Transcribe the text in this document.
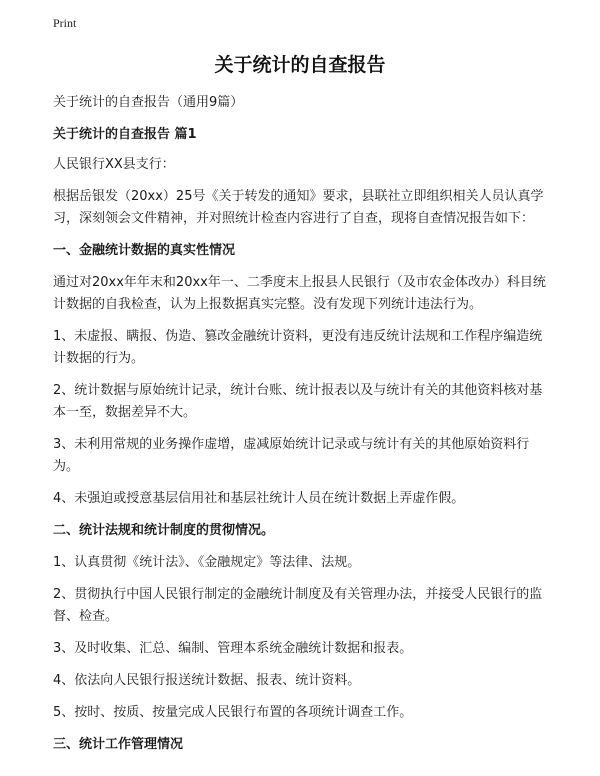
Print
关于统计的自查报告

关于统计的自查报告（通用9篇）

关于统计的自查报告 篇1

人民银行XX县支行：

根据岳银发（20xx）25号《关于转发的通知》要求，县联社立即组织相关人员认真学习，深刻领会文件精神，并对照统计检查内容进行了自查，现将自查情况报告如下：

一、金融统计数据的真实性情况

通过对20xx年年末和20xx年一、二季度末上报县人民银行（及市农金体改办）科目统计数据的自我检查，认为上报数据真实完整。没有发现下列统计违法行为。

1、未虚报、瞒报、伪造、篡改金融统计资料，更没有违反统计法规和工作程序编造统计数据的行为。

2、统计数据与原始统计记录，统计台账、统计报表以及与统计有关的其他资料核对基本一至，数据差异不大。

3、未利用常规的业务操作虚增，虚减原始统计记录或与统计有关的其他原始资料行为。

4、未强迫或授意基层信用社和基层社统计人员在统计数据上弄虚作假。

二、统计法规和统计制度的贯彻情况。

1、认真贯彻《统计法》、《金融规定》等法律、法规。

2、贯彻执行中国人民银行制定的金融统计制度及有关管理办法，并接受人民银行的监督、检查。

3、及时收集、汇总、编制、管理本系统金融统计数据和报表。

4、依法向人民银行报送统计数据、报表、统计资料。

5、按时、按质、按量完成人民银行布置的各项统计调查工作。

三、统计工作管理情况
